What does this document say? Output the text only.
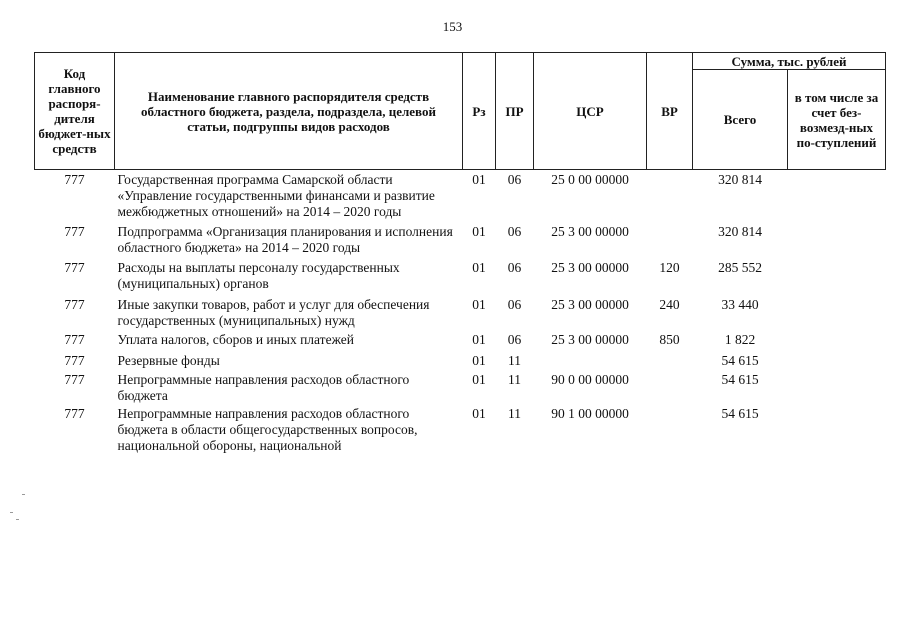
153
Код главного распоря-дителя бюджет-ных средств	Наименование главного распорядителя средств областного бюджета, раздела, подраздела, целевой статьи, подгруппы видов расходов	Рз	ПР	ЦСР	ВР	Сумма, тыс. рублей	
						Всего	в том числе за счет без-возмезд-ных по-ступлений

777	Государственная программа Самарской области «Управление государственными финансами и развитие межбюджетных отношений» на 2014 – 2020 годы	01	06	25 0 00 00000		320 814	
777	Подпрограмма «Организация планирования и исполнения областного бюджета» на 2014 – 2020 годы	01	06	25 3 00 00000		320 814	
777	Расходы на выплаты персоналу государственных (муниципальных) органов	01	06	25 3 00 00000	120	285 552	
777	Иные закупки товаров, работ и услуг для обеспечения государственных (муниципальных) нужд	01	06	25 3 00 00000	240	33 440	
777	Уплата налогов, сборов и иных платежей	01	06	25 3 00 00000	850	1 822	
777	Резервные фонды	01	11			54 615	
777	Непрограммные направления расходов областного бюджета	01	11	90 0 00 00000		54 615	
777	Непрограммные направления расходов областного бюджета в области общегосударственных вопросов, национальной обороны, национальной	01	11	90 1 00 00000		54 615	
